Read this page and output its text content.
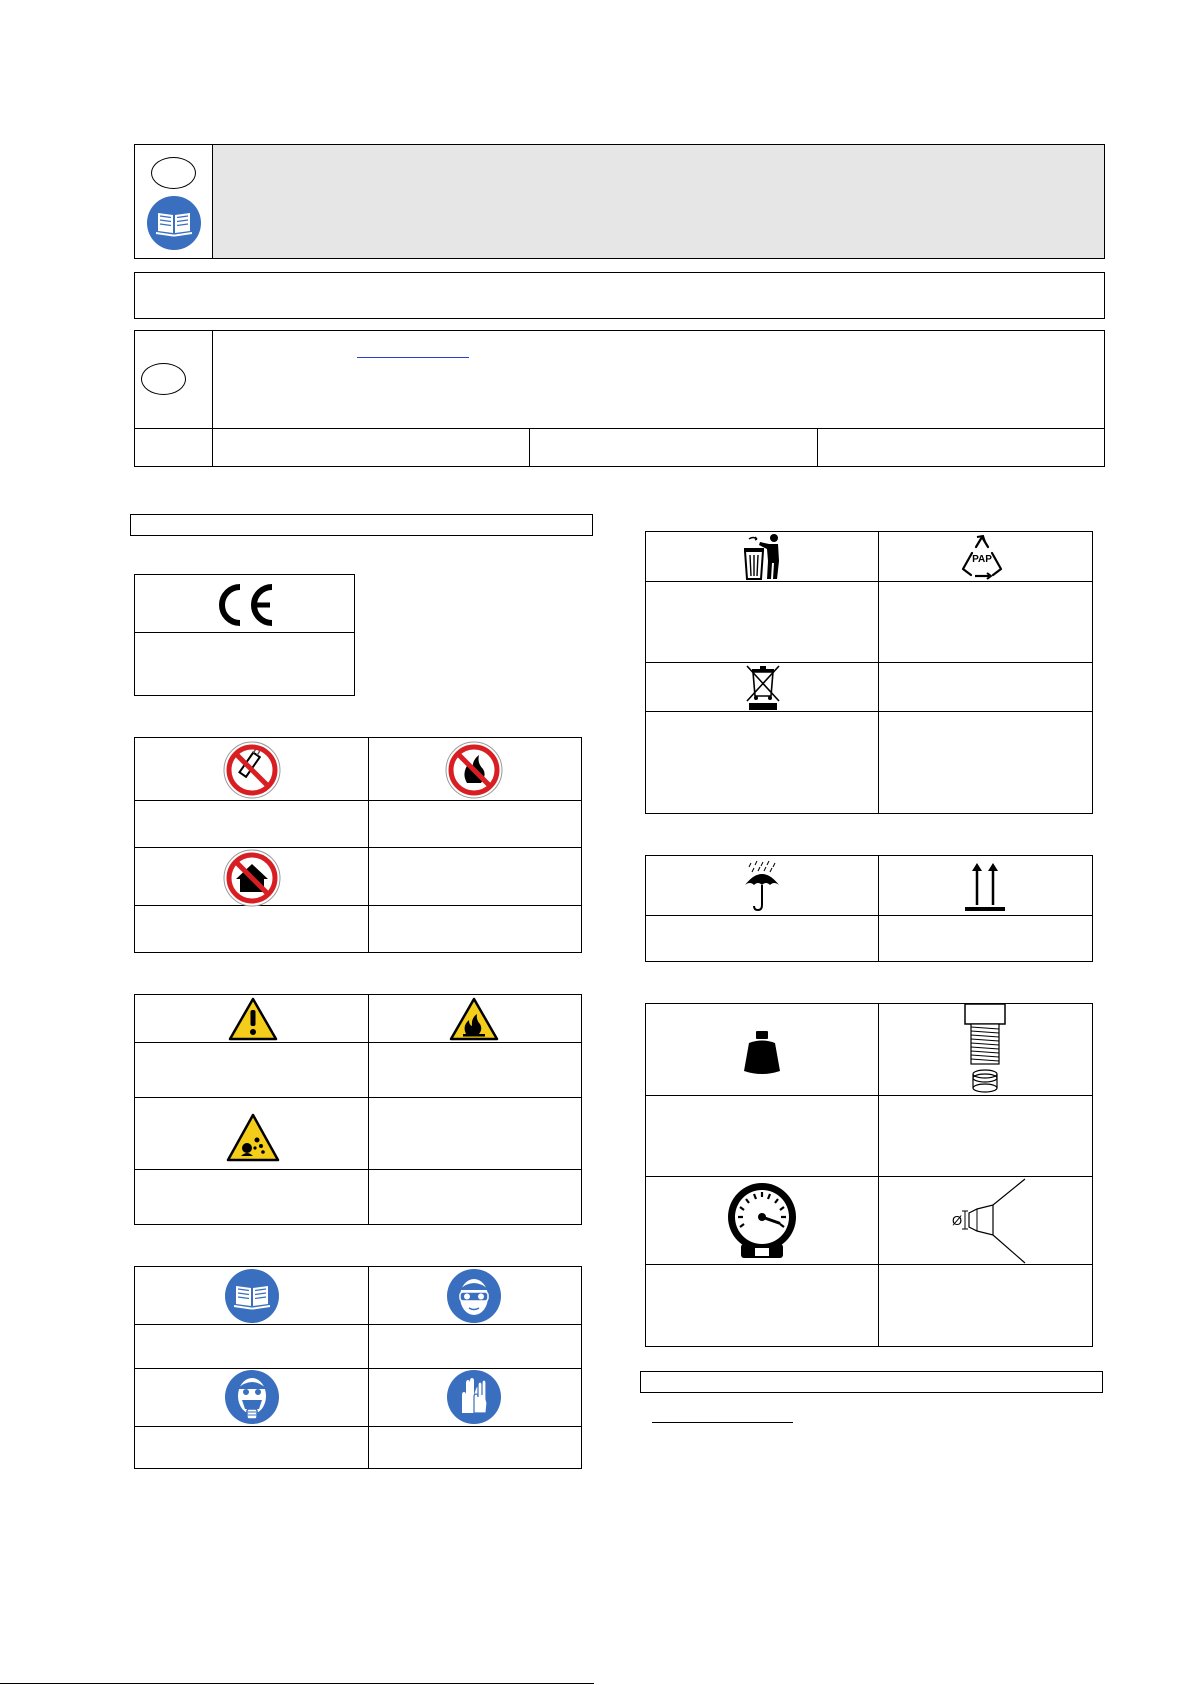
PAP
Ø
